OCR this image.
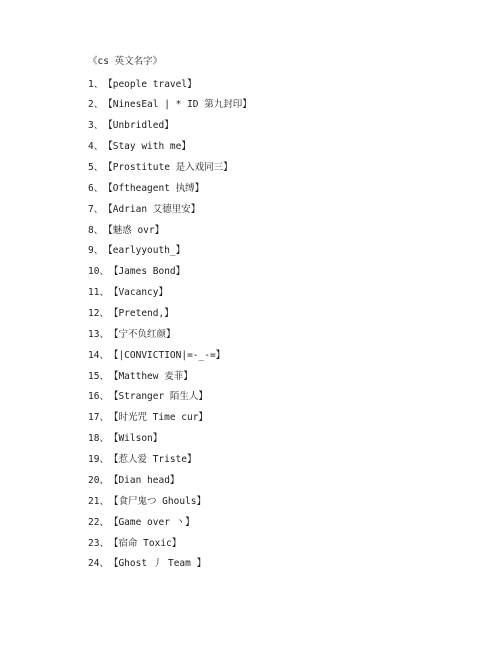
《cs 英文名字》
1、【people travel】
2、【NinesEal | * ID 第九封印】
3、【Unbridled】
4、【Stay with me】
5、【Prostitute 是入戏同三】
6、【Oftheagent 执缚】
7、【Adrian 艾德里安】
8、【魅惑 ovr】
9、【earlyyouth_】
10、【James Bond】
11、【Vacancy】
12、【Pretend,】
13、【宁不负红颜】
14、【|CONVICTION|=-_-=】
15、【Matthew 麦菲】
16、【Stranger 陌生人】
17、【时光咒 Time cur】
18、【Wilson】
19、【惹人爱 Triste】
20、【Dian head】
21、【食尸鬼つ Ghouls】
22、【Game over 丶】
23、【宿命 Toxic】
24、【Ghost 丿 Team 】
